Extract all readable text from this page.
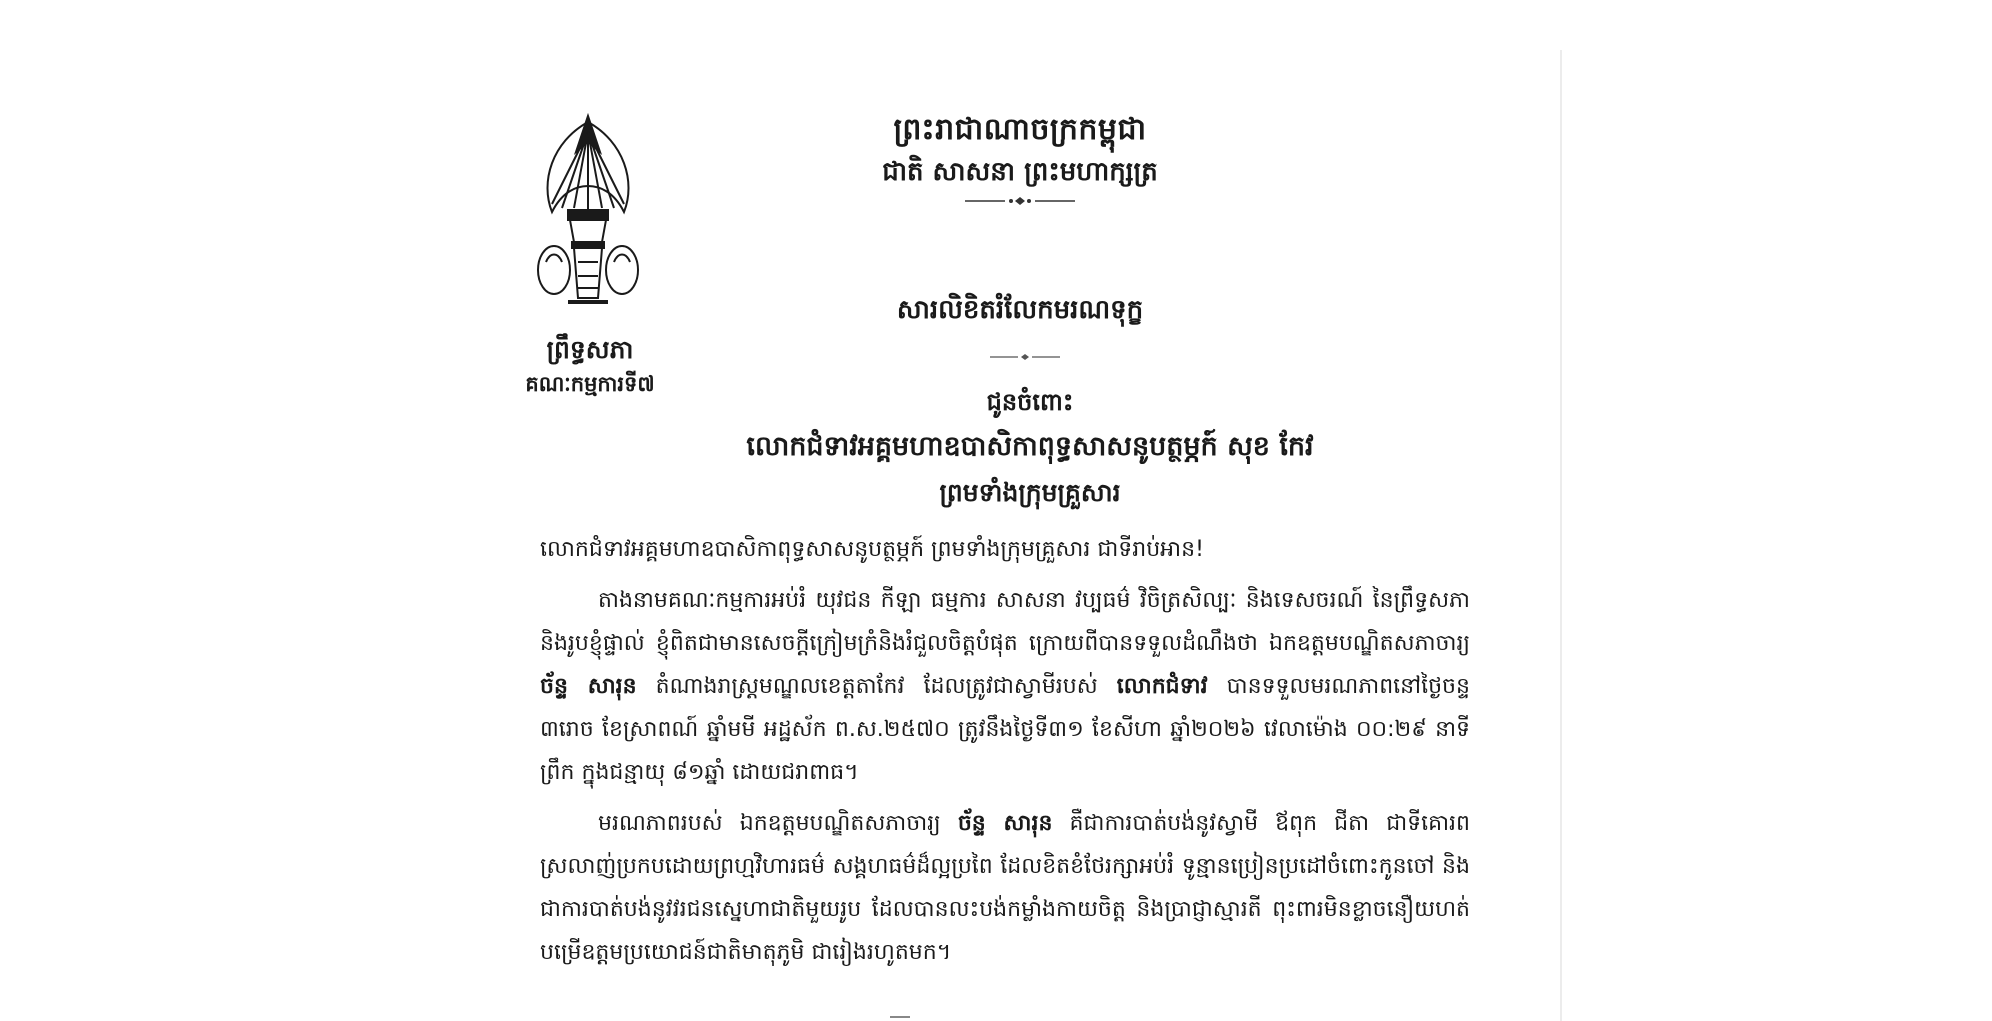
ព្រឹទ្ធសភា
គណៈកម្មការទី៧
ព្រះរាជាណាចក្រកម្ពុជា
ជាតិ សាសនា ព្រះមហាក្សត្រ
សារលិខិតរំលែកមរណទុក្ខ
ជូនចំពោះ
លោកជំទាវអគ្គមហាឧបាសិកាពុទ្ធសាសនូបត្ថម្ភក៍ សុខ កែវ
ព្រមទាំងក្រុមគ្រួសារ

លោកជំទាវអគ្គមហាឧបាសិកាពុទ្ធសាសនូបត្ថម្ភក៍ ព្រមទាំងក្រុមគ្រួសារ ជាទីរាប់អាន!

តាងនាមគណៈកម្មការអប់រំ យុវជន កីឡា ធម្មការ សាសនា វប្បធម៌ វិចិត្រសិល្បៈ និងទេសចរណ៍ នៃព្រឹទ្ធសភា និងរូបខ្ញុំផ្ទាល់ ខ្ញុំពិតជាមានសេចក្តីក្រៀមក្រំនិងរំជួលចិត្តបំផុត ក្រោយពីបានទទួលដំណឹងថា ឯកឧត្តមបណ្ឌិតសភាចារ្យ ច័ន្ទ សារុន តំណាងរាស្ត្រមណ្ឌលខេត្តតាកែវ ដែលត្រូវជាស្វាមីរបស់ លោកជំទាវ បានទទួលមរណភាពនៅថ្ងៃចន្ទ ៣រោច ខែស្រាពណ៍ ឆ្នាំមមី អដ្ឋស័ក ព.ស.២៥៧០ ត្រូវនឹងថ្ងៃទី៣១ ខែសីហា ឆ្នាំ២០២៦ វេលាម៉ោង ០០:២៩ នាទីព្រឹក ក្នុងជន្មាយុ ៨១ឆ្នាំ ដោយជរាពាធ។

មរណភាពរបស់ ឯកឧត្តមបណ្ឌិតសភាចារ្យ ច័ន្ទ សារុន គឺជាការបាត់បង់នូវស្វាមី ឪពុក ជីតា ជាទីគោរពស្រលាញ់ប្រកបដោយព្រហ្មវិហារធម៌ សង្គហធម៌ដ៏ល្អប្រពៃ ដែលខិតខំថែរក្សាអប់រំ ទូន្មានប្រៀនប្រដៅចំពោះកូនចៅ និងជាការបាត់បង់នូវវរជនស្នេហាជាតិមួយរូប ដែលបានលះបង់កម្លាំងកាយចិត្ត និងប្រាជ្ញាស្មារតី ពុះពារមិនខ្លាចនឿយហត់ បម្រើឧត្តមប្រយោជន៍ជាតិមាតុភូមិ ជារៀងរហូតមក។
